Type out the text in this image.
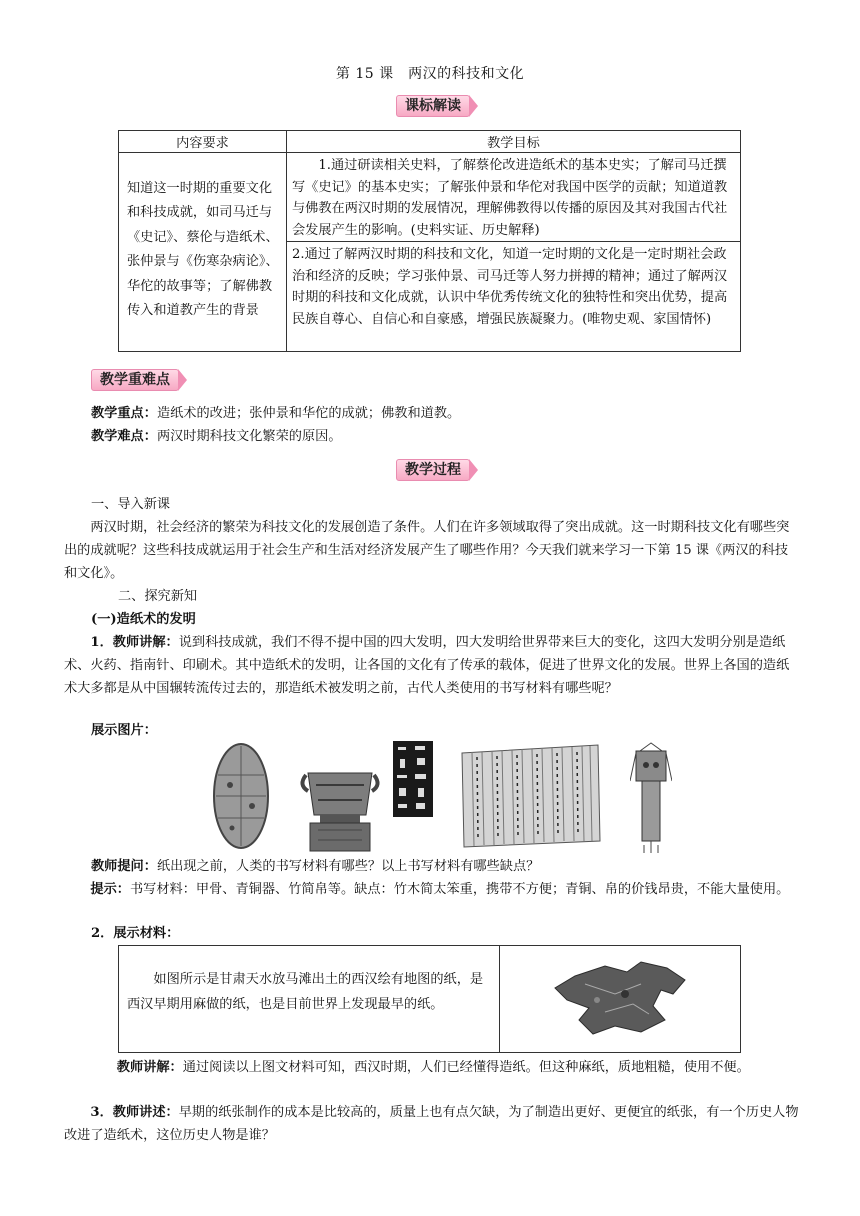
第 15 课　两汉的科技和文化
课标解读
内容要求	教学目标
知道这一时期的重要文化和科技成就，如司马迁与《史记》、蔡伦与造纸术、张仲景与《伤寒杂病论》、华佗的故事等；了解佛教传入和道教产生的背景	1.通过研读相关史料，了解蔡伦改进造纸术的基本史实；了解司马迁撰写《史记》的基本史实；了解张仲景和华佗对我国中医学的贡献；知道道教与佛教在两汉时期的发展情况，理解佛教得以传播的原因及其对我国古代社会发展产生的影响。(史料实证、历史解释)
	2.通过了解两汉时期的科技和文化，知道一定时期的文化是一定时期社会政治和经济的反映；学习张仲景、司马迁等人努力拼搏的精神；通过了解两汉时期的科技和文化成就，认识中华优秀传统文化的独特性和突出优势，提高民族自尊心、自信心和自豪感，增强民族凝聚力。(唯物史观、家国情怀)
教学重难点
教学重点：造纸术的改进；张仲景和华佗的成就；佛教和道教。
教学难点：两汉时期科技文化繁荣的原因。
教学过程
一、导入新课
两汉时期，社会经济的繁荣为科技文化的发展创造了条件。人们在许多领域取得了突出成就。这一时期科技文化有哪些突出的成就呢？这些科技成就运用于社会生产和生活对经济发展产生了哪些作用？今天我们就来学习一下第 15 课《两汉的科技和文化》。
二、探究新知
(一)造纸术的发明
1．教师讲解：说到科技成就，我们不得不提中国的四大发明，四大发明给世界带来巨大的变化，这四大发明分别是造纸术、火药、指南针、印刷术。其中造纸术的发明，让各国的文化有了传承的载体，促进了世界文化的发展。世界上各国的造纸术大多都是从中国辗转流传过去的，那造纸术被发明之前，古代人类使用的书写材料有哪些呢？
展示图片：
教师提问：纸出现之前，人类的书写材料有哪些？以上书写材料有哪些缺点？
提示：书写材料：甲骨、青铜器、竹简帛等。缺点：竹木简太笨重，携带不方便；青铜、帛的价钱昂贵，不能大量使用。
2．展示材料：
如图所示是甘肃天水放马滩出土的西汉绘有地图的纸，是西汉早期用麻做的纸，也是目前世界上发现最早的纸。	
教师讲解：通过阅读以上图文材料可知，西汉时期，人们已经懂得造纸。但这种麻纸，质地粗糙，使用不便。
3．教师讲述：早期的纸张制作的成本是比较高的，质量上也有点欠缺，为了制造出更好、更便宜的纸张，有一个历史人物改进了造纸术，这位历史人物是谁？
